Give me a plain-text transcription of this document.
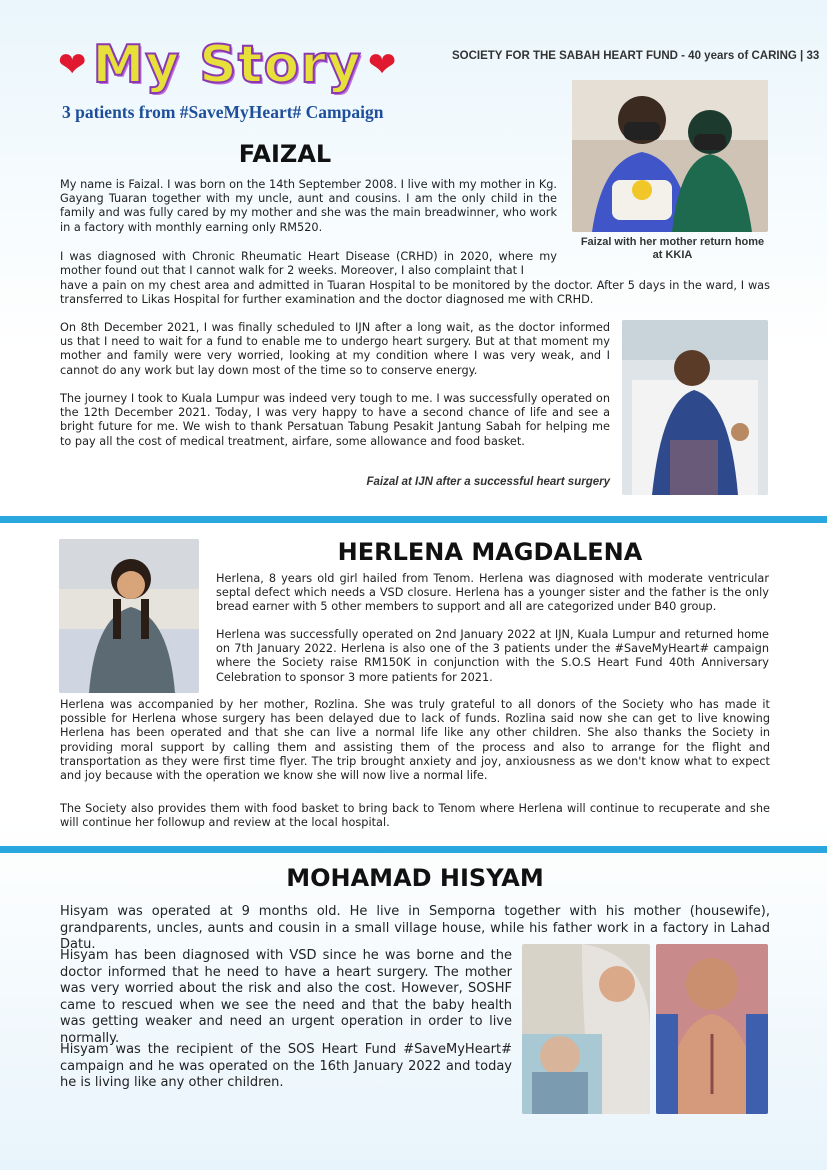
❤ My Story ❤	SOCIETY FOR THE SABAH HEART FUND - 40 years of CARING | 33
3 patients from #SaveMyHeart# Campaign
FAIZAL
Faizal with her mother return home at KKIA
My name is Faizal. I was born on the 14th September 2008. I live with my mother in Kg. Gayang Tuaran together with my uncle, aunt and cousins. I am the only child in the family and was fully cared by my mother and she was the main breadwinner, who work in a factory with monthly earning only RM520.
I was diagnosed with Chronic Rheumatic Heart Disease (CRHD) in 2020, where my mother found out that I cannot walk for 2 weeks. Moreover, I also complaint that I
have a pain on my chest area and admitted in Tuaran Hospital to be monitored by the doctor. After 5 days in the ward, I was transferred to Likas Hospital for further examination and the doctor diagnosed me with CRHD.
On 8th December 2021, I was finally scheduled to IJN after a long wait, as the doctor informed us that I need to wait for a fund to enable me to undergo heart surgery. But at that moment my mother and family were very worried, looking at my condition where I was very weak, and I cannot do any work but lay down most of the time so to conserve energy.
The journey I took to Kuala Lumpur was indeed very tough to me. I was successfully operated on the 12th December 2021. Today, I was very happy to have a second chance of life and see a bright future for me. We wish to thank Persatuan Tabung Pesakit Jantung Sabah for helping me to pay all the cost of medical treatment, airfare, some allowance and food basket.
Faizal at IJN after a successful heart surgery
HERLENA MAGDALENA
Herlena, 8 years old girl hailed from Tenom. Herlena was diagnosed with moderate ventricular septal defect which needs a VSD closure. Herlena has a younger sister and the father is the only bread earner with 5 other members to support and all are categorized under B40 group.
Herlena was successfully operated on 2nd January 2022 at IJN, Kuala Lumpur and returned home on 7th January 2022. Herlena is also one of the 3 patients under the #SaveMyHeart# campaign where the Society raise RM150K in conjunction with the S.O.S Heart Fund 40th Anniversary Celebration to sponsor 3 more patients for 2021.
Herlena was accompanied by her mother, Rozlina. She was truly grateful to all donors of the Society who has made it possible for Herlena whose surgery has been delayed due to lack of funds. Rozlina said now she can get to live knowing Herlena has been operated and that she can live a normal life like any other children. She also thanks the Society in providing moral support by calling them and assisting them of the process and also to arrange for the flight and transportation as they were first time flyer. The trip brought anxiety and joy, anxiousness as we don't know what to expect and joy because with the operation we know she will now live a normal life.
The Society also provides them with food basket to bring back to Tenom where Herlena will continue to recuperate and she will continue her followup and review at the local hospital.
MOHAMAD HISYAM
Hisyam was operated at 9 months old. He live in Semporna together with his mother (housewife), grandparents, uncles, aunts and cousin in a small village house, while his father work in a factory in Lahad Datu.
Hisyam has been diagnosed with VSD since he was borne and the doctor informed that he need to have a heart surgery. The mother was very worried about the risk and also the cost. However, SOSHF came to rescued when we see the need and that the baby health was getting weaker and need an urgent operation in order to live normally.
Hisyam was the recipient of the SOS Heart Fund #SaveMyHeart# campaign and he was operated on the 16th January 2022 and today he is living like any other children.
